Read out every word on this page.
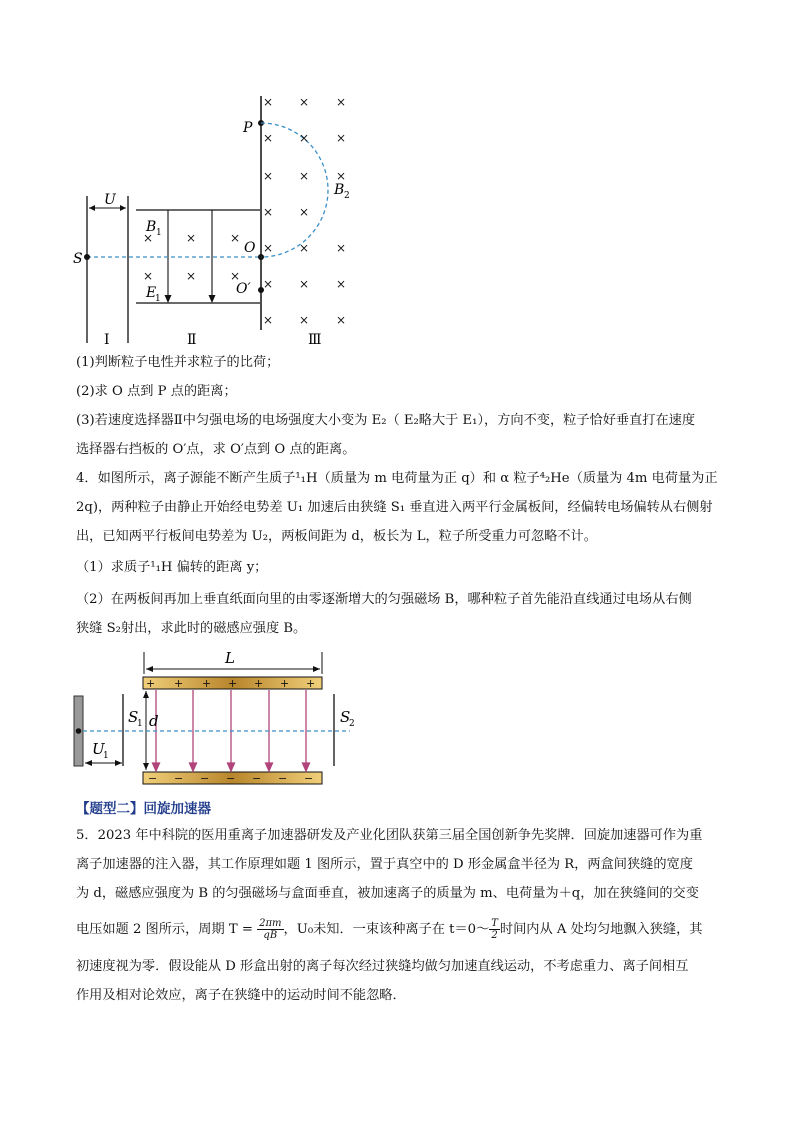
U
B 1
×	×	×
×	×	×
E
1
S
P
O
O′
B 2
× × ×
× × ×
× × ×
× ×
× × ×
× × ×
× × ×
Ⅰ	Ⅱ	Ⅲ
(1)判断粒子电性并求粒子的比荷；
(2)求 O 点到 P 点的距离；
(3)若速度选择器Ⅱ中匀强电场的电场强度大小变为 E₂（ E₂略大于 E₁），方向不变，粒子恰好垂直打在速度
选择器右挡板的 O′点，求 O′点到 O 点的距离。
4．如图所示，离子源能不断产生质子¹₁H（质量为 m 电荷量为正 q）和 α 粒子⁴₂He（质量为 4m 电荷量为正
2q)，两种粒子由静止开始经电势差 U₁ 加速后由狭缝 S₁ 垂直进入两平行金属板间，经偏转电场偏转从右侧射
出，已知两平行板间电势差为 U₂，两板间距为 d，板长为 L，粒子所受重力可忽略不计。
（1）求质子¹₁H 偏转的距离 y；
（2）在两板间再加上垂直纸面向里的由零逐渐增大的匀强磁场 B，哪种粒子首先能沿直线通过电场从右侧
狭缝 S₂射出，求此时的磁感应强度 B。
L
+ + + + + + +
− − − − − − −
d
S
1	S
2
U
1
【题型二】回旋加速器
5．2023 年中科院的医用重离子加速器研发及产业化团队获第三届全国创新争先奖牌．回旋加速器可作为重
离子加速器的注入器，其工作原理如题 1 图所示，置于真空中的 D 形金属盒半径为 R，两盒间狭缝的宽度
为 d，磁感应强度为 B 的匀强磁场与盒面垂直，被加速离子的质量为 m、电荷量为＋q，加在狭缝间的交变
电压如题 2 图所示，周期 $T = \frac{2\pi m}{qB}$ ，U₀未知．一束该种离子在 t＝0～ $\frac{T}{2}$ 时间内从 A 处均匀地飘入狭缝，其
初速度视为零．假设能从 D 形盒出射的离子每次经过狭缝均做匀加速直线运动，不考虑重力、离子间相互
作用及相对论效应，离子在狭缝中的运动时间不能忽略．
